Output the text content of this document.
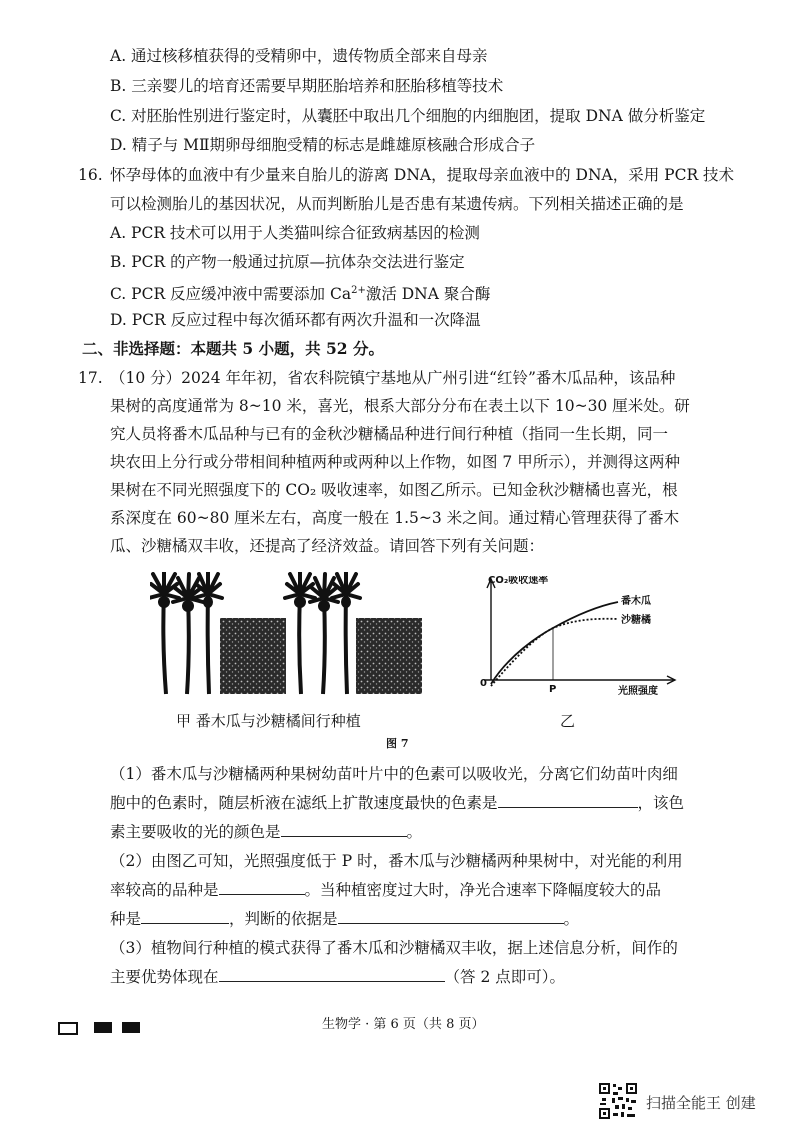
A. 通过核移植获得的受精卵中，遗传物质全部来自母亲
B. 三亲婴儿的培育还需要早期胚胎培养和胚胎移植等技术
C. 对胚胎性别进行鉴定时，从囊胚中取出几个细胞的内细胞团，提取 DNA 做分析鉴定
D. 精子与 MⅡ期卵母细胞受精的标志是雌雄原核融合形成合子
16. 怀孕母体的血液中有少量来自胎儿的游离 DNA，提取母亲血液中的 DNA，采用 PCR 技术
可以检测胎儿的基因状况，从而判断胎儿是否患有某遗传病。下列相关描述正确的是
A. PCR 技术可以用于人类猫叫综合征致病基因的检测
B. PCR 的产物一般通过抗原—抗体杂交法进行鉴定
C. PCR 反应缓冲液中需要添加 $Ca^{2+}$激活 DNA 聚合酶
D. PCR 反应过程中每次循环都有两次升温和一次降温
二、非选择题：本题共 5 小题，共 52 分。
17. （10 分）2024 年年初，省农科院镇宁基地从广州引进“红铃”番木瓜品种，该品种
果树的高度通常为 8~10 米，喜光，根系大部分分布在表土以下 10~30 厘米处。研
究人员将番木瓜品种与已有的金秋沙糖橘品种进行间行种植（指同一生长期，同一
块农田上分行或分带相间种植两种或两种以上作物，如图 7 甲所示），并测得这两种
果树在不同光照强度下的 CO₂ 吸收速率，如图乙所示。已知金秋沙糖橘也喜光，根
系深度在 60~80 厘米左右，高度一般在 1.5~3 米之间。通过精心管理获得了番木
瓜、沙糖橘双丰收，还提高了经济效益。请回答下列有关问题：
CO₂吸收速率
0
P	光照强度
番木瓜
沙糖橘
甲 番木瓜与沙糖橘间行种植	乙
图 7
（1）番木瓜与沙糖橘两种果树幼苗叶片中的色素可以吸收光，分离它们幼苗叶肉细
胞中的色素时，随层析液在滤纸上扩散速度最快的色素是	，该色
素主要吸收的光的颜色是	。
（2）由图乙可知，光照强度低于 P 时，番木瓜与沙糖橘两种果树中，对光能的利用
率较高的品种是	。当种植密度过大时，净光合速率下降幅度较大的品
种是	，判断的依据是	。
（3）植物间行种植的模式获得了番木瓜和沙糖橘双丰收，据上述信息分析，间作的
主要优势体现在	（答 2 点即可）。
生物学 · 第 6 页（共 8 页）
扫描全能王 创建
